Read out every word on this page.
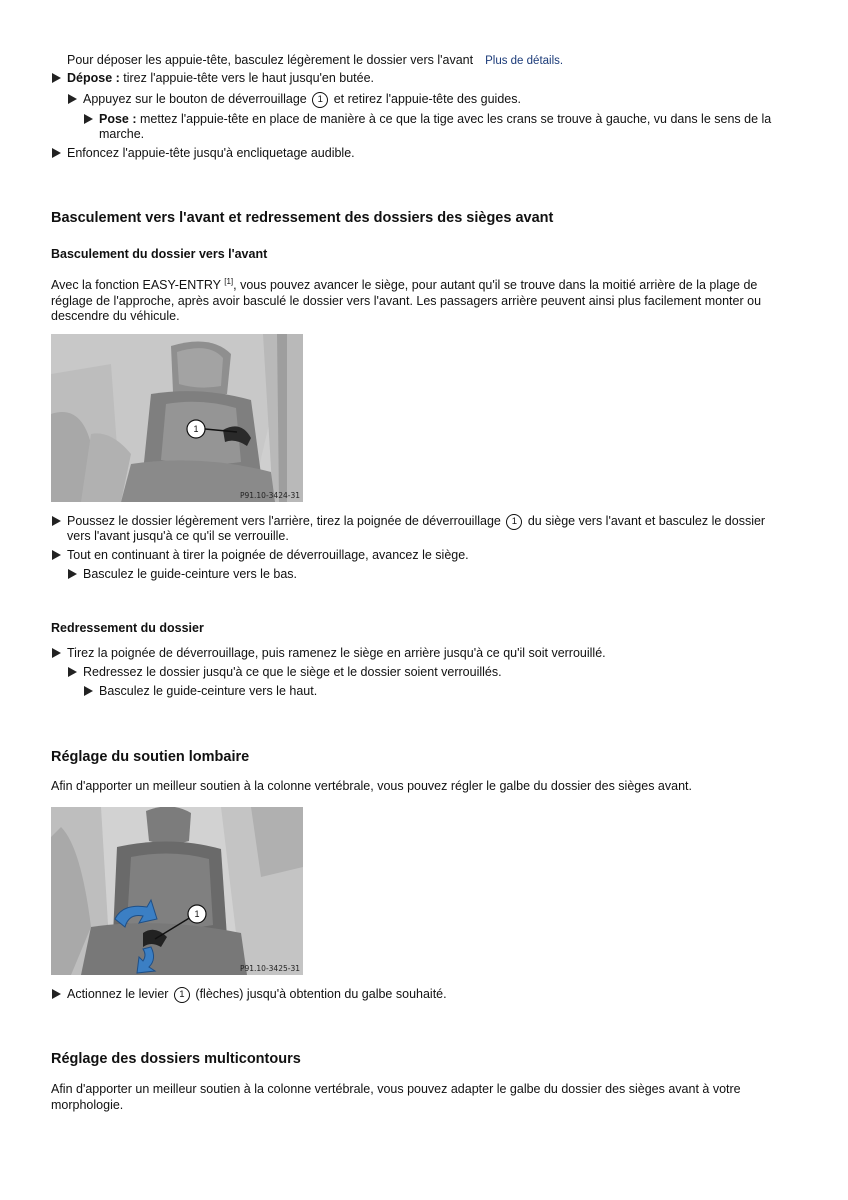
Pour déposer les appuie-tête, basculez légèrement le dossier vers l'avant Plus de détails.
Dépose : tirez l'appuie-tête vers le haut jusqu'en butée.
Appuyez sur le bouton de déverrouillage 1 et retirez l'appuie-tête des guides.
Pose : mettez l'appuie-tête en place de manière à ce que la tige avec les crans se trouve à gauche, vu dans le sens de la
marche.
Enfoncez l'appuie-tête jusqu'à encliquetage audible.
Basculement vers l'avant et redressement des dossiers des sièges avant
Basculement du dossier vers l'avant
Avec la fonction EASY-ENTRY [1], vous pouvez avancer le siège, pour autant qu'il se trouve dans la moitié arrière de la plage de réglage de l'approche, après avoir basculé le dossier vers l'avant. Les passagers arrière peuvent ainsi plus facilement monter ou descendre du véhicule.
1
P91.10-3424-31
Poussez le dossier légèrement vers l'arrière, tirez la poignée de déverrouillage 1 du siège vers l'avant et basculez le dossier
vers l'avant jusqu'à ce qu'il se verrouille.
Tout en continuant à tirer la poignée de déverrouillage, avancez le siège.
Basculez le guide-ceinture vers le bas.
Redressement du dossier
Tirez la poignée de déverrouillage, puis ramenez le siège en arrière jusqu'à ce qu'il soit verrouillé.
Redressez le dossier jusqu'à ce que le siège et le dossier soient verrouillés.
Basculez le guide-ceinture vers le haut.
Réglage du soutien lombaire
Afin d'apporter un meilleur soutien à la colonne vertébrale, vous pouvez régler le galbe du dossier des sièges avant.
1
P91.10-3425-31
Actionnez le levier 1 (flèches) jusqu'à obtention du galbe souhaité.
Réglage des dossiers multicontours
Afin d'apporter un meilleur soutien à la colonne vertébrale, vous pouvez adapter le galbe du dossier des sièges avant à votre morphologie.
